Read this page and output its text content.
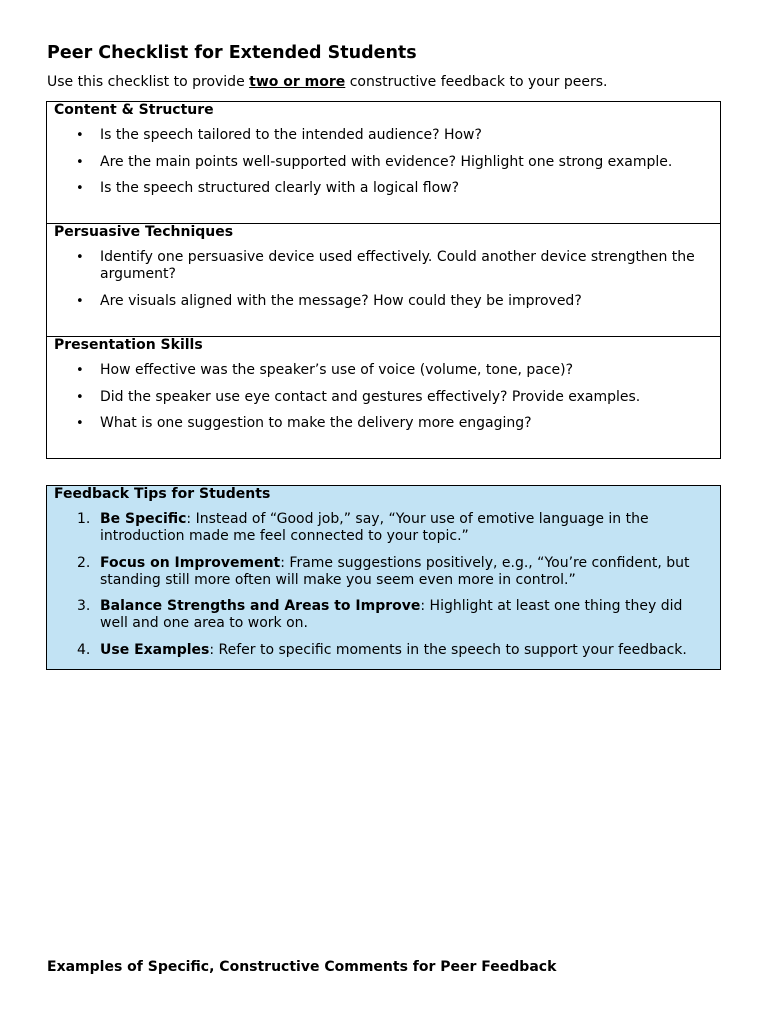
Peer Checklist for Extended Students

Use this checklist to provide two or more constructive feedback to your peers.

Content & Structure
• Is the speech tailored to the intended audience? How?
• Are the main points well-supported with evidence? Highlight one strong example.
• Is the speech structured clearly with a logical flow?
Persuasive Techniques
• Identify one persuasive device used effectively. Could another device strengthen the argument?
• Are visuals aligned with the message? How could they be improved?
Presentation Skills
• How effective was the speaker’s use of voice (volume, tone, pace)?
• Did the speaker use eye contact and gestures effectively? Provide examples.
• What is one suggestion to make the delivery more engaging?
Feedback Tips for Students
1. Be Specific: Instead of “Good job,” say, “Your use of emotive language in the introduction made me feel connected to your topic.”
2. Focus on Improvement: Frame suggestions positively, e.g., “You’re confident, but standing still more often will make you seem even more in control.”
3. Balance Strengths and Areas to Improve: Highlight at least one thing they did well and one area to work on.
4. Use Examples: Refer to specific moments in the speech to support your feedback.
Examples of Specific, Constructive Comments for Peer Feedback
